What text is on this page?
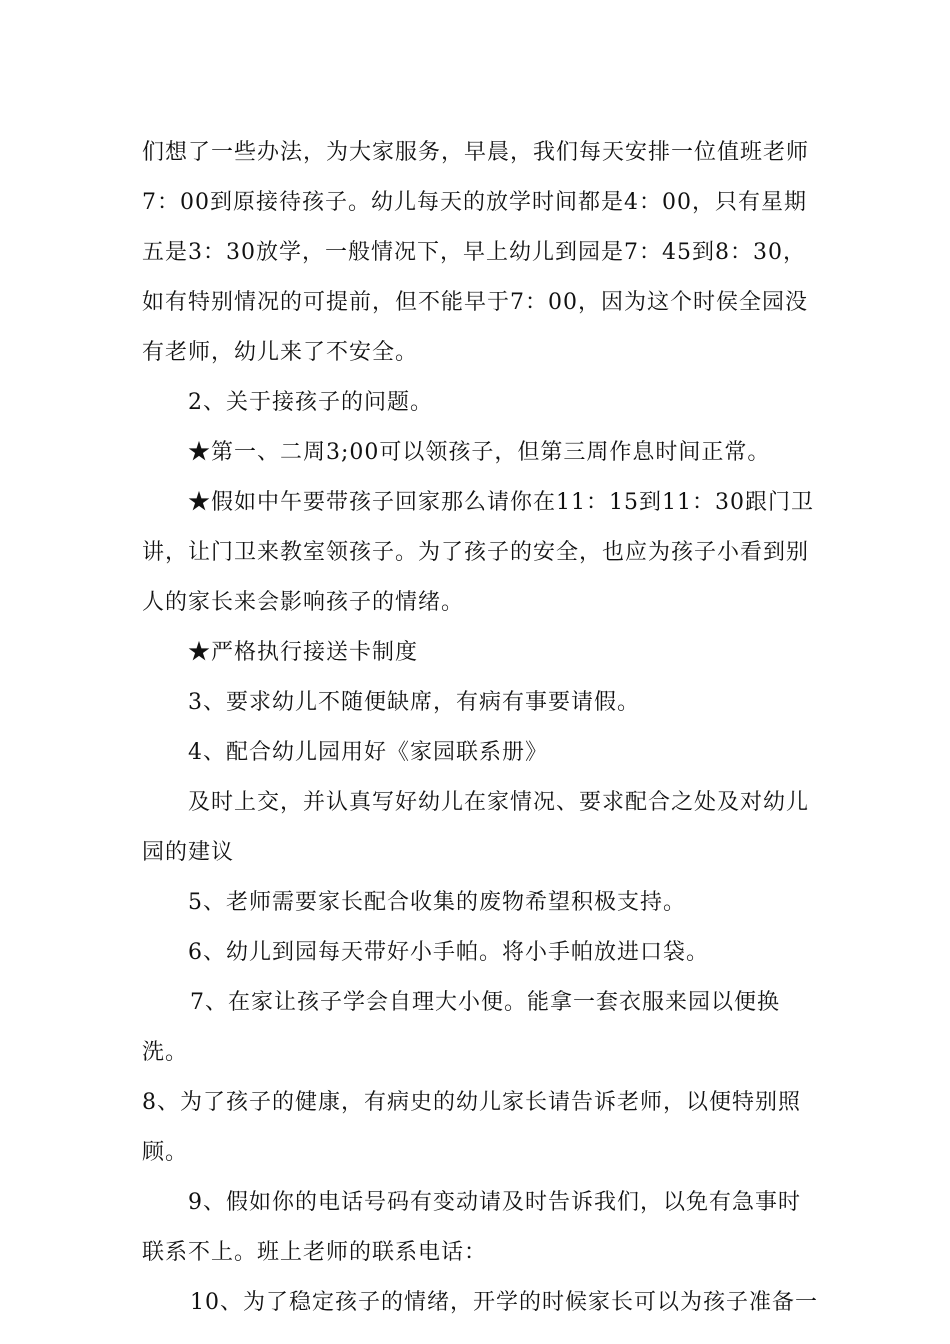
们想了一些办法，为大家服务，早晨，我们每天安排一位值班老师7：00到原接待孩子。幼儿每天的放学时间都是4：00，只有星期五是3：30放学，一般情况下，早上幼儿到园是7：45到8：30，如有特别情况的可提前，但不能早于7：00，因为这个时侯全园没有老师，幼儿来了不安全。

2、关于接孩子的问题。

★第一、二周3;00可以领孩子，但第三周作息时间正常。

★假如中午要带孩子回家那么请你在11：15到11：30跟门卫讲，让门卫来教室领孩子。为了孩子的安全，也应为孩子小看到别人的家长来会影响孩子的情绪。

★严格执行接送卡制度

3、要求幼儿不随便缺席，有病有事要请假。

4、配合幼儿园用好《家园联系册》

及时上交，并认真写好幼儿在家情况、要求配合之处及对幼儿园的建议

5、老师需要家长配合收集的废物希望积极支持。

6、幼儿到园每天带好小手帕。将小手帕放进口袋。

7、在家让孩子学会自理大小便。能拿一套衣服来园以便换洗。

8、为了孩子的健康，有病史的幼儿家长请告诉老师，以便特别照顾。

9、假如你的电话号码有变动请及时告诉我们，以免有急事时联系不上。班上老师的联系电话：

10、为了稳定孩子的情绪，开学的时候家长可以为孩子准备一
